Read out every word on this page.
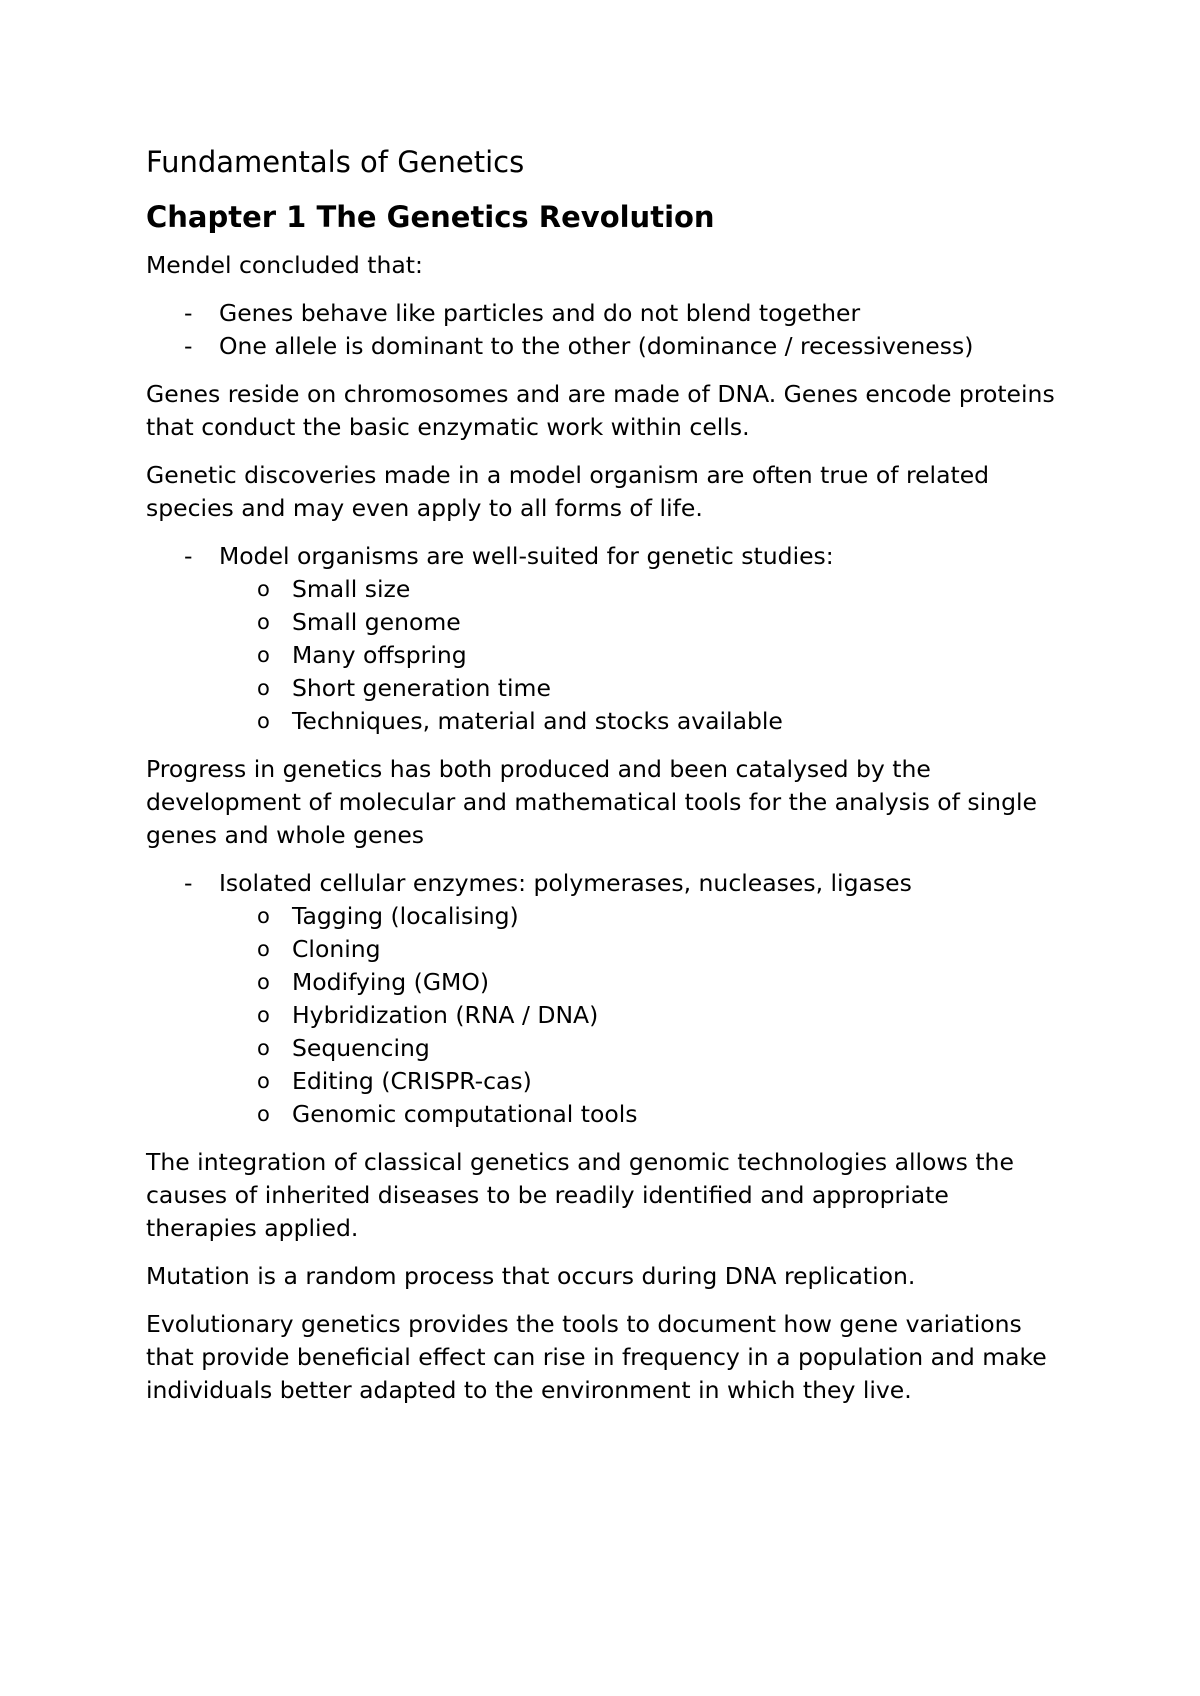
Fundamentals of Genetics
Chapter 1 The Genetics Revolution

Mendel concluded that:

- Genes behave like particles and do not blend together
- One allele is dominant to the other (dominance / recessiveness)

Genes reside on chromosomes and are made of DNA. Genes encode proteins that conduct the basic enzymatic work within cells.

Genetic discoveries made in a model organism are often true of related species and may even apply to all forms of life.

- Model organisms are well-suited for genetic studies:
o Small size
o Small genome
o Many offspring
o Short generation time
o Techniques, material and stocks available

Progress in genetics has both produced and been catalysed by the development of molecular and mathematical tools for the analysis of single genes and whole genes

- Isolated cellular enzymes: polymerases, nucleases, ligases
o Tagging (localising)
o Cloning
o Modifying (GMO)
o Hybridization (RNA / DNA)
o Sequencing
o Editing (CRISPR-cas)
o Genomic computational tools

The integration of classical genetics and genomic technologies allows the causes of inherited diseases to be readily identified and appropriate therapies applied.

Mutation is a random process that occurs during DNA replication.

Evolutionary genetics provides the tools to document how gene variations that provide beneficial effect can rise in frequency in a population and make individuals better adapted to the environment in which they live.
